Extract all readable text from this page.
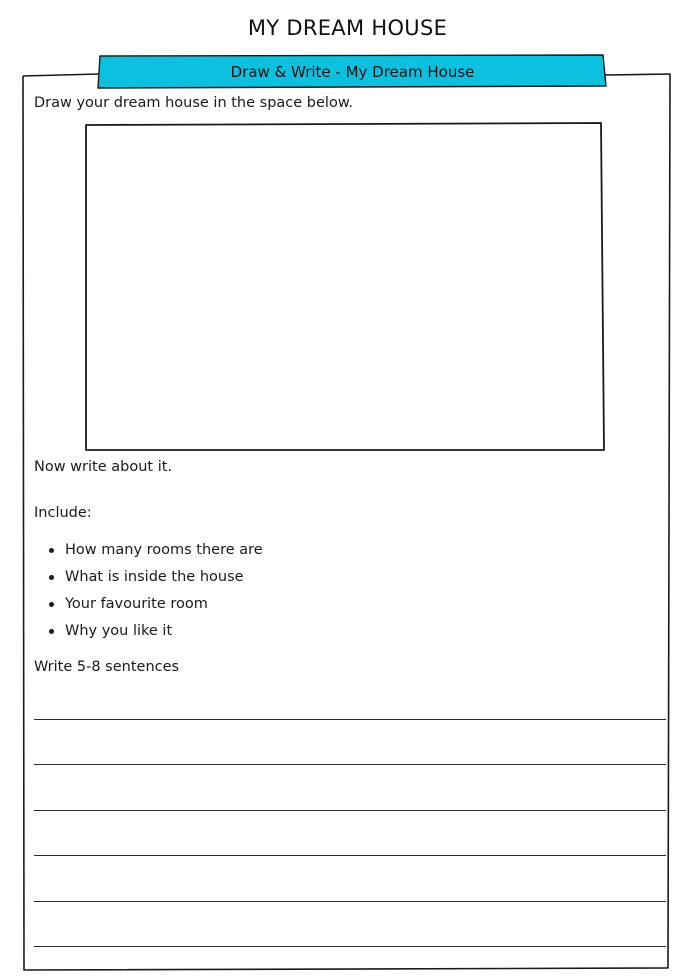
MY DREAM HOUSE
Draw & Write - My Dream House
Draw your dream house in the space below.
Now write about it.
Include:
How many rooms there are
What is inside the house
Your favourite room
Why you like it
Write 5-8 sentences
